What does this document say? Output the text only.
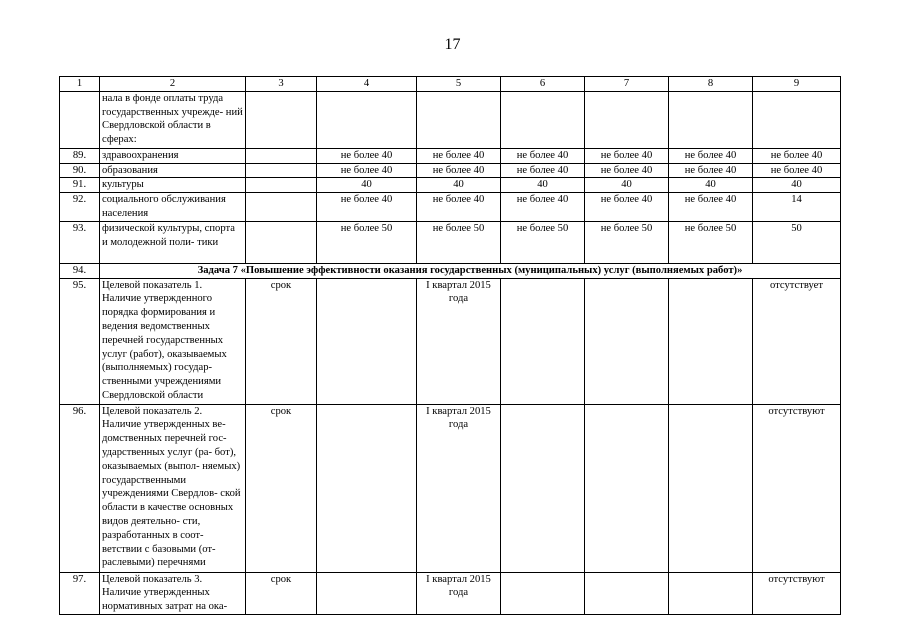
17
1	2	3	4	5	6	7	8	9
	нала в фонде оплаты труда государственных учрежде- ний Свердловской области в сферах:							
89.	здравоохранения		не более 40	не более 40	не более 40	не более 40	не более 40	не более 40
90.	образования		не более 40	не более 40	не более 40	не более 40	не более 40	не более 40
91.	культуры		40	40	40	40	40	40
92.	социального обслуживания населения		не более 40	не более 40	не более 40	не более 40	не более 40	14
93.	физической культуры, спорта и молодежной поли- тики		не более 50	не более 50	не более 50	не более 50	не более 50	50
94.	Задача 7 «Повышение эффективности оказания государственных (муниципальных) услуг (выполняемых работ)»							
95.	Целевой показатель 1. Наличие утвержденного порядка формирования и ведения ведомственных перечней государственных услуг (работ), оказываемых (выполняемых) государ- ственными учреждениями Свердловской области	срок		I квартал 2015 года				отсутствует
96.	Целевой показатель 2. Наличие утвержденных ве- домственных перечней гос- ударственных услуг (ра- бот), оказываемых (выпол- няемых) государственными учреждениями Свердлов- ской области в качестве основных видов деятельно- сти, разработанных в соот- ветствии с базовыми (от- раслевыми) перечнями	срок		I квартал 2015 года				отсутствуют
97.	Целевой показатель 3. Наличие утвержденных нормативных затрат на ока-	срок		I квартал 2015 года				отсутствуют
